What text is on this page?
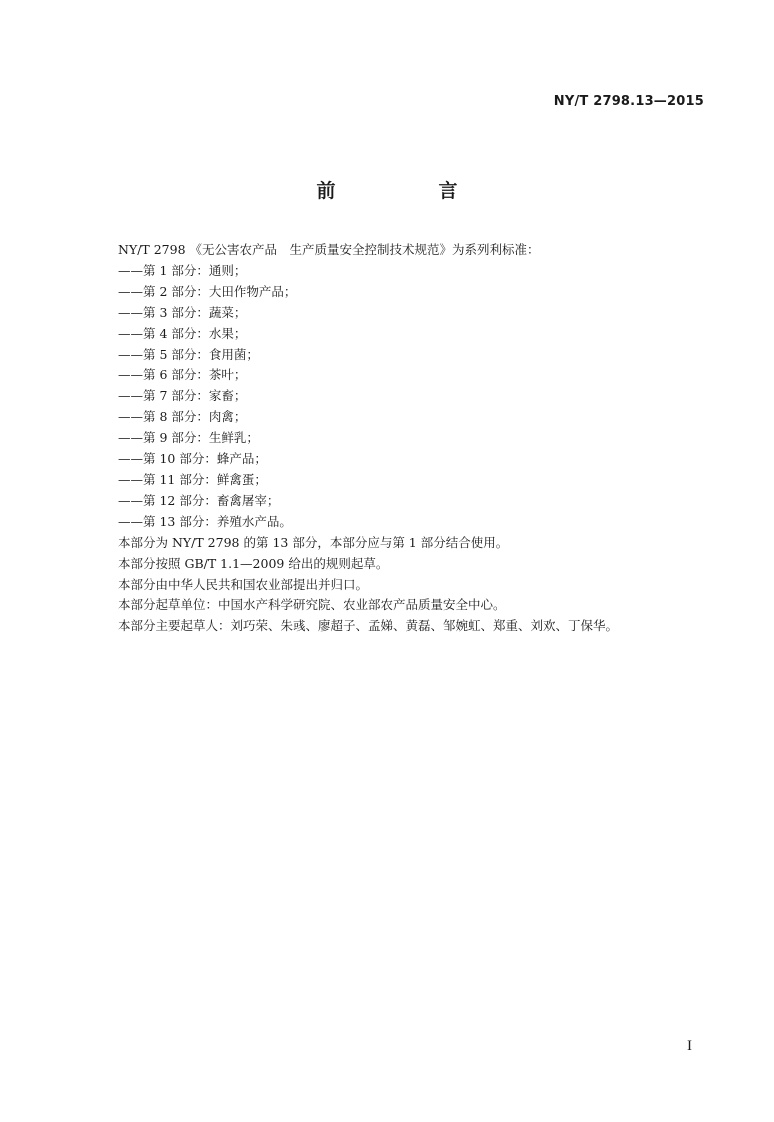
NY/T 2798.13—2015
前　言
NY/T 2798 《无公害农产品　生产质量安全控制技术规范》为系列利标准：
——第 1 部分：通则；
——第 2 部分：大田作物产品；
——第 3 部分：蔬菜；
——第 4 部分：水果；
——第 5 部分：食用菌；
——第 6 部分：茶叶；
——第 7 部分：家畜；
——第 8 部分：肉禽；
——第 9 部分：生鲜乳；
——第 10 部分：蜂产品；
——第 11 部分：鲜禽蛋；
——第 12 部分：畜禽屠宰；
——第 13 部分：养殖水产品。
本部分为 NY/T 2798 的第 13 部分，本部分应与第 1 部分结合使用。
本部分按照 GB/T 1.1—2009 给出的规则起草。
本部分由中华人民共和国农业部提出并归口。
本部分起草单位：中国水产科学研究院、农业部农产品质量安全中心。
本部分主要起草人：刘巧荣、朱彧、廖超子、孟娣、黄磊、邹婉虹、郑重、刘欢、丁保华。
I
